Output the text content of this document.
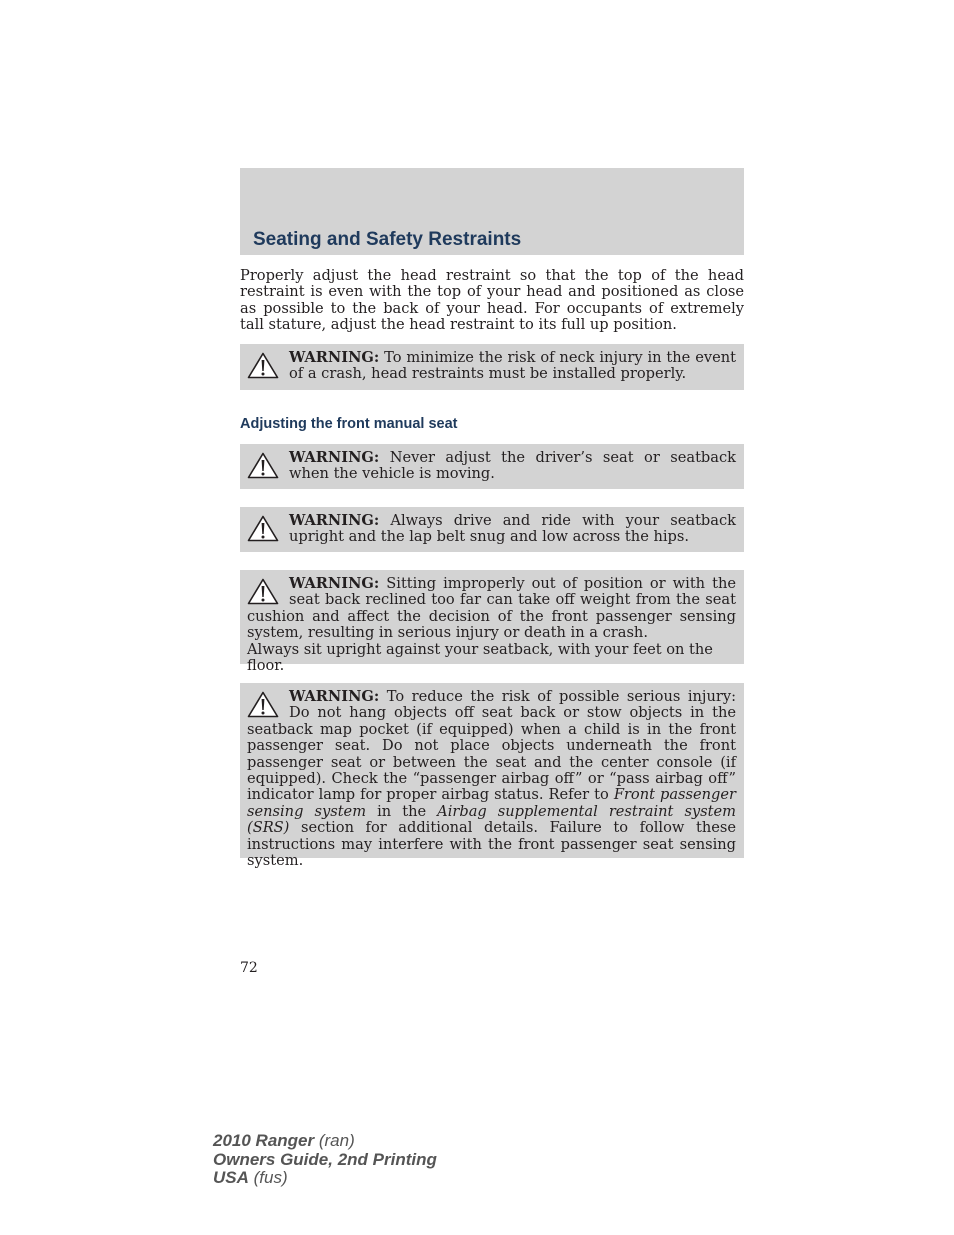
Seating and Safety Restraints

Properly adjust the head restraint so that the top of the head restraint is even with the top of your head and positioned as close as possible to the back of your head. For occupants of extremely tall stature, adjust the head restraint to its full up position.

WARNING: To minimize the risk of neck injury in the event of a crash, head restraints must be installed properly.

Adjusting the front manual seat

WARNING: Never adjust the driver’s seat or seatback when the vehicle is moving.

WARNING: Always drive and ride with your seatback upright and the lap belt snug and low across the hips.

WARNING: Sitting improperly out of position or with the seat back reclined too far can take off weight from the seat cushion and affect the decision of the front passenger sensing system, resulting in serious injury or death in a crash.

Always sit upright against your seatback, with your feet on the floor.

WARNING: To reduce the risk of possible serious injury: Do not hang objects off seat back or stow objects in the seatback map pocket (if equipped) when a child is in the front passenger seat. Do not place objects underneath the front passenger seat or between the seat and the center console (if equipped). Check the “passenger airbag off” or “pass airbag off” indicator lamp for proper airbag status. Refer to Front passenger sensing system in the Airbag supplemental restraint system (SRS) section for additional details. Failure to follow these instructions may interfere with the front passenger seat sensing system.

72

2010 Ranger (ran)
Owners Guide, 2nd Printing
USA (fus)
